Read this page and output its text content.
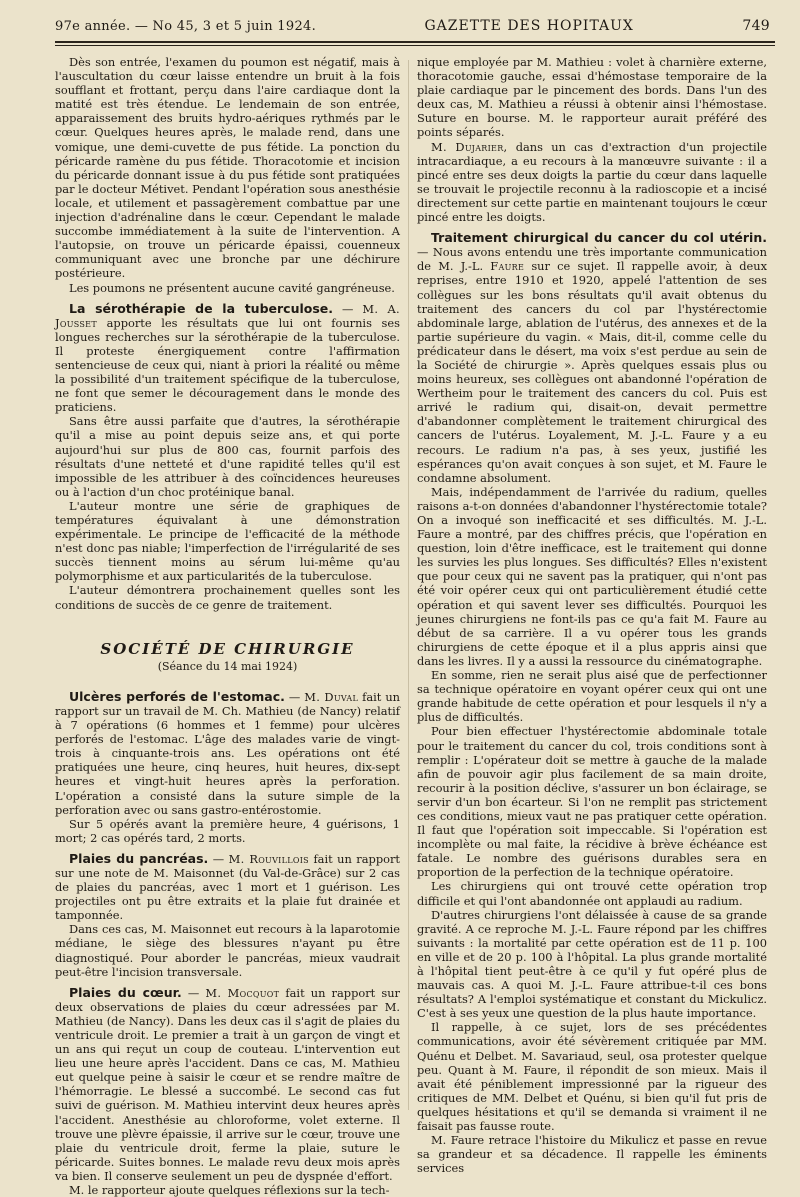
97e année. — No 45, 3 et 5 juin 1924.	GAZETTE DES HOPITAUX	749

Dès son entrée, l'examen du poumon est négatif, mais à l'auscultation du cœur laisse entendre un bruit à la fois soufflant et frottant, perçu dans l'aire cardiaque dont la matité est très étendue. Le lendemain de son entrée, apparaissement des bruits hydro-aériques rythmés par le cœur. Quelques heures après, le malade rend, dans une vomique, une demi-cuvette de pus fétide. La ponction du péricarde ramène du pus fétide. Thoracotomie et incision du péricarde donnant issue à du pus fétide sont pratiquées par le docteur Métivet. Pendant l'opération sous anesthésie locale, et utilement et passagèrement combattue par une injection d'adrénaline dans le cœur. Cependant le malade succombe immédiatement à la suite de l'intervention. A l'autopsie, on trouve un péricarde épaissi, couenneux communiquant avec une bronche par une déchirure postérieure.

Les poumons ne présentent aucune cavité gangréneuse.

La sérothérapie de la tuberculose. — M. A. Jousset apporte les résultats que lui ont fournis ses longues recherches sur la sérothérapie de la tuberculose. Il proteste énergiquement contre l'affirmation sentencieuse de ceux qui, niant à priori la réalité ou même la possibilité d'un traitement spécifique de la tuberculose, ne font que semer le découragement dans le monde des praticiens.

Sans être aussi parfaite que d'autres, la sérothérapie qu'il a mise au point depuis seize ans, et qui porte aujourd'hui sur plus de 800 cas, fournit parfois des résultats d'une netteté et d'une rapidité telles qu'il est impossible de les attribuer à des coïncidences heureuses ou à l'action d'un choc protéinique banal.

L'auteur montre une série de graphiques de températures équivalant à une démonstration expérimentale. Le principe de l'efficacité de la méthode n'est donc pas niable; l'imperfection de l'irrégularité de ses succès tiennent moins au sérum lui-même qu'au polymorphisme et aux particularités de la tuberculose.

L'auteur démontrera prochainement quelles sont les conditions de succès de ce genre de traitement.

SOCIÉTÉ DE CHIRURGIE
(Séance du 14 mai 1924)

Ulcères perforés de l'estomac. — M. Duval fait un rapport sur un travail de M. Ch. Mathieu (de Nancy) relatif à 7 opérations (6 hommes et 1 femme) pour ulcères perforés de l'estomac. L'âge des malades varie de vingt-trois à cinquante-trois ans. Les opérations ont été pratiquées une heure, cinq heures, huit heures, dix-sept heures et vingt-huit heures après la perforation. L'opération a consisté dans la suture simple de la perforation avec ou sans gastro-entérostomie.

Sur 5 opérés avant la première heure, 4 guérisons, 1 mort; 2 cas opérés tard, 2 morts.

Plaies du pancréas. — M. Rouvillois fait un rapport sur une note de M. Maisonnet (du Val-de-Grâce) sur 2 cas de plaies du pancréas, avec 1 mort et 1 guérison. Les projectiles ont pu être extraits et la plaie fut drainée et tamponnée.

Dans ces cas, M. Maisonnet eut recours à la laparotomie médiane, le siège des blessures n'ayant pu être diagnostiqué. Pour aborder le pancréas, mieux vaudrait peut-être l'incision transversale.

Plaies du cœur. — M. Mocquot fait un rapport sur deux observations de plaies du cœur adressées par M. Mathieu (de Nancy). Dans les deux cas il s'agit de plaies du ventricule droit. Le premier a trait à un garçon de vingt et un ans qui reçut un coup de couteau. L'intervention eut lieu une heure après l'accident. Dans ce cas, M. Mathieu eut quelque peine à saisir le cœur et se rendre maître de l'hémorragie. Le blessé a succombé. Le second cas fut suivi de guérison. M. Mathieu intervint deux heures après l'accident. Anesthésie au chloroforme, volet externe. Il trouve une plèvre épaissie, il arrive sur le cœur, trouve une plaie du ventricule droit, ferme la plaie, suture le péricarde. Suites bonnes. Le malade revu deux mois après va bien. Il conserve seulement un peu de dyspnée d'effort.

M. le rapporteur ajoute quelques réflexions sur la tech-

nique employée par M. Mathieu : volet à charnière externe, thoracotomie gauche, essai d'hémostase temporaire de la plaie cardiaque par le pincement des bords. Dans l'un des deux cas, M. Mathieu a réussi à obtenir ainsi l'hémostase. Suture en bourse. M. le rapporteur aurait préféré des points séparés.

M. Dujarier, dans un cas d'extraction d'un projectile intracardiaque, a eu recours à la manœuvre suivante : il a pincé entre ses deux doigts la partie du cœur dans laquelle se trouvait le projectile reconnu à la radioscopie et a incisé directement sur cette partie en maintenant toujours le cœur pincé entre les doigts.

Traitement chirurgical du cancer du col utérin. — Nous avons entendu une très importante communication de M. J.-L. Faure sur ce sujet. Il rappelle avoir, à deux reprises, entre 1910 et 1920, appelé l'attention de ses collègues sur les bons résultats qu'il avait obtenus du traitement des cancers du col par l'hystérectomie abdominale large, ablation de l'utérus, des annexes et de la partie supérieure du vagin. « Mais, dit-il, comme celle du prédicateur dans le désert, ma voix s'est perdue au sein de la Société de chirurgie ». Après quelques essais plus ou moins heureux, ses collègues ont abandonné l'opération de Wertheim pour le traitement des cancers du col. Puis est arrivé le radium qui, disait-on, devait permettre d'abandonner complètement le traitement chirurgical des cancers de l'utérus. Loyalement, M. J.-L. Faure y a eu recours. Le radium n'a pas, à ses yeux, justifié les espérances qu'on avait conçues à son sujet, et M. Faure le condamne absolument.

Mais, indépendamment de l'arrivée du radium, quelles raisons a-t-on données d'abandonner l'hystérectomie totale? On a invoqué son inefficacité et ses difficultés. M. J.-L. Faure a montré, par des chiffres précis, que l'opération en question, loin d'être inefficace, est le traitement qui donne les survies les plus longues. Ses difficultés? Elles n'existent que pour ceux qui ne savent pas la pratiquer, qui n'ont pas été voir opérer ceux qui ont particulièrement étudié cette opération et qui savent lever ses difficultés. Pourquoi les jeunes chirurgiens ne font-ils pas ce qu'a fait M. Faure au début de sa carrière. Il a vu opérer tous les grands chirurgiens de cette époque et il a plus appris ainsi que dans les livres. Il y a aussi la ressource du cinématographe.

En somme, rien ne serait plus aisé que de perfectionner sa technique opératoire en voyant opérer ceux qui ont une grande habitude de cette opération et pour lesquels il n'y a plus de difficultés.

Pour bien effectuer l'hystérectomie abdominale totale pour le traitement du cancer du col, trois conditions sont à remplir : L'opérateur doit se mettre à gauche de la malade afin de pouvoir agir plus facilement de sa main droite, recourir à la position déclive, s'assurer un bon éclairage, se servir d'un bon écarteur. Si l'on ne remplit pas strictement ces conditions, mieux vaut ne pas pratiquer cette opération. Il faut que l'opération soit impeccable. Si l'opération est incomplète ou mal faite, la récidive à brève échéance est fatale. Le nombre des guérisons durables sera en proportion de la perfection de la technique opératoire.

Les chirurgiens qui ont trouvé cette opération trop difficile et qui l'ont abandonnée ont applaudi au radium.

D'autres chirurgiens l'ont délaissée à cause de sa grande gravité. A ce reproche M. J.-L. Faure répond par les chiffres suivants : la mortalité par cette opération est de 11 p. 100 en ville et de 20 p. 100 à l'hôpital. La plus grande mortalité à l'hôpital tient peut-être à ce qu'il y fut opéré plus de mauvais cas. A quoi M. J.-L. Faure attribue-t-il ces bons résultats? A l'emploi systématique et constant du Mickulicz. C'est à ses yeux une question de la plus haute importance.

Il rappelle, à ce sujet, lors de ses précédentes communications, avoir été sévèrement critiquée par MM. Quénu et Delbet. M. Savariaud, seul, osa protester quelque peu. Quant à M. Faure, il répondit de son mieux. Mais il avait été péniblement impressionné par la rigueur des critiques de MM. Delbet et Quénu, si bien qu'il fut pris de quelques hésitations et qu'il se demanda si vraiment il ne faisait pas fausse route.

M. Faure retrace l'histoire du Mikulicz et passe en revue sa grandeur et sa décadence. Il rappelle les éminents services
